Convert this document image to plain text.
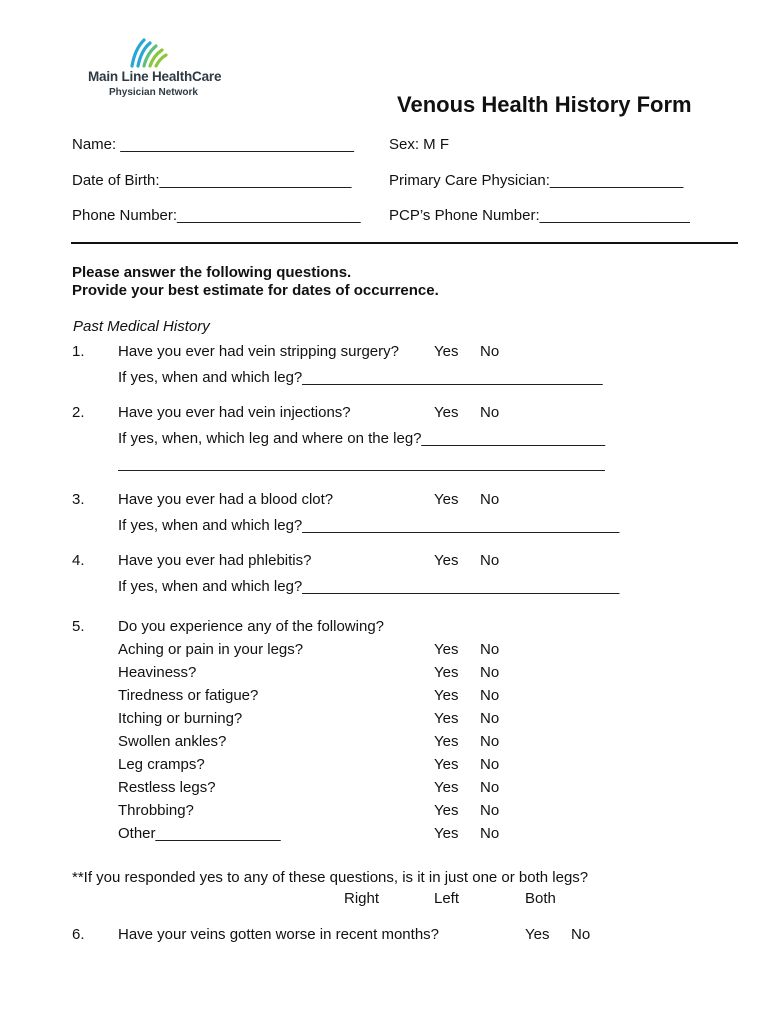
Main Line HealthCare
Physician Network	Venous Health History Form
Name: ____________________________ Sex: M F
Date of Birth:_______________________	Primary Care Physician:________________
Phone Number:______________________ PCP’s Phone Number:__________________
Please answer the following questions.
Provide your best estimate for dates of occurrence.
Past Medical History
1. Have you ever had vein stripping surgery? Yes No
If yes, when and which leg?____________________________________
2. Have you ever had vein injections?	Yes No
If yes, when, which leg and where on the leg?______________________
3. Have you ever had a blood clot?	Yes No
If yes, when and which leg?______________________________________
4. Have you ever had phlebitis?	Yes No
If yes, when and which leg?______________________________________
5. Do you experience any of the following?
Aching or pain in your legs?	Yes No
Heaviness?	Yes No
Tiredness or fatigue?	Yes No
Itching or burning?	Yes No
Swollen ankles?	Yes No
Leg cramps?	Yes No
Restless legs?	Yes No
Throbbing?	Yes No
Other_______________	Yes No
**If you responded yes to any of these questions, is it in just one or both legs?
Right	Left	Both
6. Have your veins gotten worse in recent months?	Yes No
